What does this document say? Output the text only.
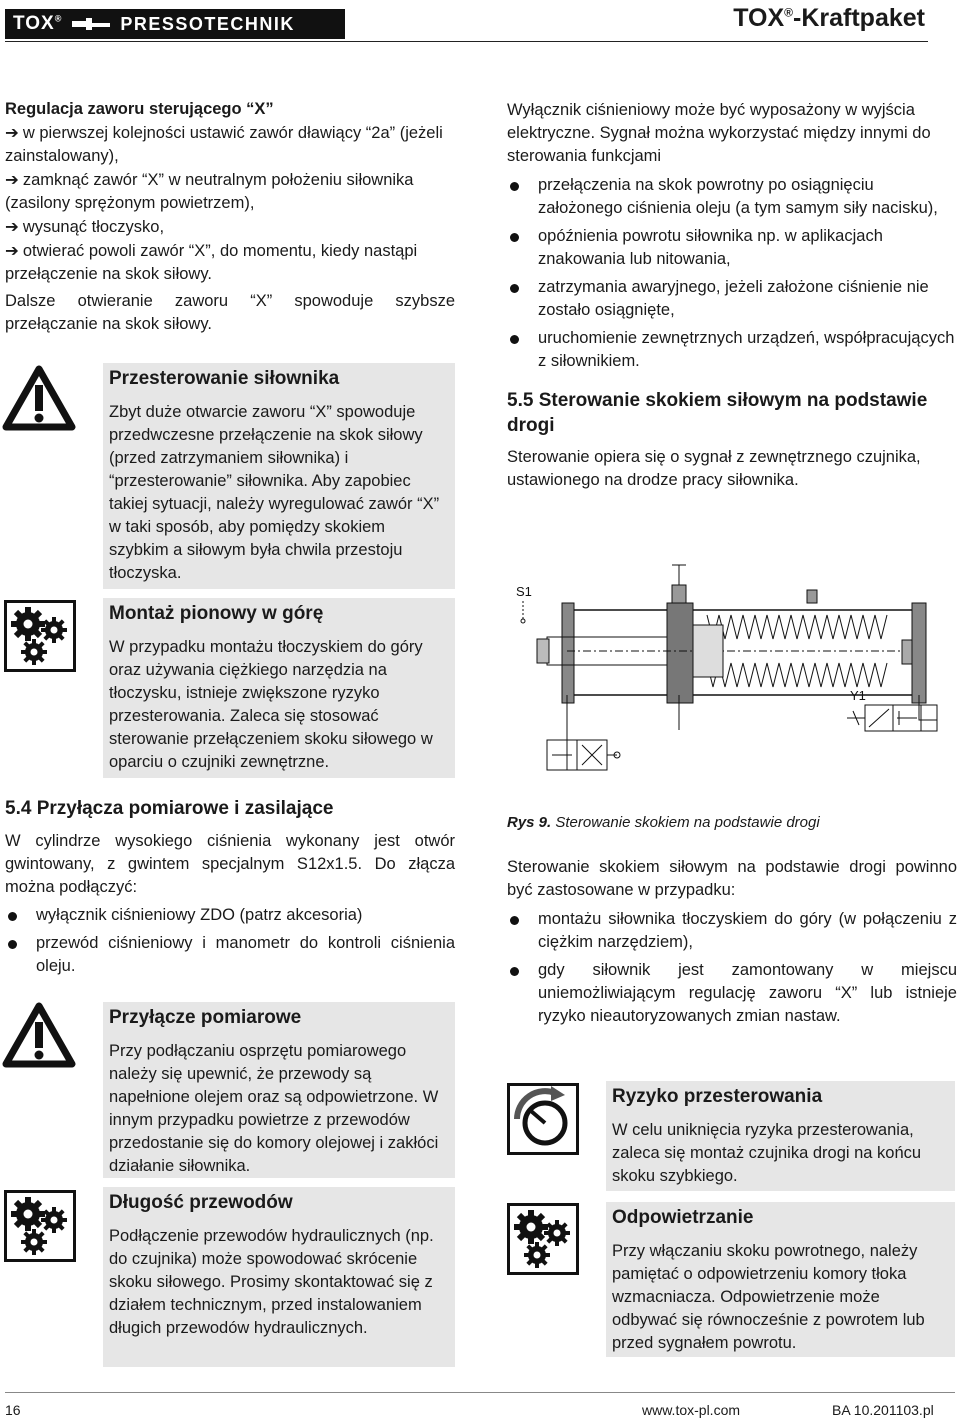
TOX®	PRESSOTECHNIK	TOX®-Kraftpaket

Regulacja zaworu sterującego “X”

➔ w pierwszej kolejności ustawić zawór dławiący “2a” (jeżeli zainstalowany),

➔ zamknąć zawór “X” w neutralnym położeniu siłownika (zasilony sprężonym powietrzem),

➔ wysunąć tłoczysko,

➔ otwierać powoli zawór “X”, do momentu, kiedy nastąpi przełączenie na skok siłowy.

Dalsze otwieranie zaworu “X” spowoduje szybsze przełączanie na skok siłowy.

Przesterowanie siłownika
Zbyt duże otwarcie zaworu “X” spowoduje przedwczesne przełączenie na skok siłowy (przed zatrzymaniem siłownika) i “przesterowanie” siłownika. Aby zapobiec takiej sytuacji, należy wyregulować zawór “X” w taki sposób, aby pomiędzy skokiem szybkim a siłowym była chwila przestoju tłoczyska.
Montaż pionowy w górę
W przypadku montażu tłoczyskiem do góry oraz używania ciężkiego narzędzia na tłoczysku, istnieje zwiększone ryzyko przesterowania. Zaleca się stosować sterowanie przełączeniem skoku siłowego w oparciu o czujniki zewnętrzne.
5.4 Przyłącza pomiarowe i zasilające

W cylindrze wysokiego ciśnienia wykonany jest otwór gwintowany, z gwintem specjalnym S12x1.5. Do złącza można podłączyć:

wyłącznik ciśnieniowy ZDO (patrz akcesoria)
przewód ciśnieniowy i manometr do kontroli ciśnienia oleju.
Przyłącze pomiarowe
Przy podłączaniu osprzętu pomiarowego należy się upewnić, że przewody są napełnione olejem oraz są odpowietrzone. W innym przypadku powietrze z przewodów przedostanie się do komory olejowej i zakłóci działanie siłownika.
Długość przewodów
Podłączenie przewodów hydraulicznych (np. do czujnika) może spowodować skrócenie skoku siłowego. Prosimy skontaktować się z działem technicznym, przed instalowaniem długich przewodów hydraulicznych.

Wyłącznik ciśnieniowy może być wyposażony w wyjścia elektryczne. Sygnał można wykorzystać między innymi do sterowania funkcjami

przełączenia na skok powrotny po osiągnięciu założonego ciśnienia oleju (a tym samym siły nacisku),
opóźnienia powrotu siłownika np. w aplikacjach znakowania lub nitowania,
zatrzymania awaryjnego, jeżeli założone ciśnienie nie zostało osiągnięte,
uruchomienie zewnętrznych urządzeń, współpracujących z siłownikiem.
5.5 Sterowanie skokiem siłowym na podstawie drogi

Sterowanie opiera się o sygnał z zewnętrznego czujnika, ustawionego na drodze pracy siłownika.

S1
Y1
Rys 9. Sterowanie skokiem na podstawie drogi

Sterowanie skokiem siłowym na podstawie drogi powinno być zastosowane w przypadku:

montażu siłownika tłoczyskiem do góry (w połączeniu z ciężkim narzędziem),
gdy siłownik jest zamontowany w miejscu uniemożliwiającym regulację zaworu “X” lub istnieje ryzyko nieautoryzowanych zmian nastaw.
Ryzyko przesterowania
W celu uniknięcia ryzyka przesterowania, zaleca się montaż czujnika drogi na końcu skoku szybkiego.
Odpowietrzanie
Przy włączaniu skoku powrotnego, należy pamiętać o odpowietrzeniu komory tłoka wzmacniacza. Odpowietrzenie może odbywać się równocześnie z powrotem lub przed sygnałem powrotu.
16	www.tox-pl.com	BA 10.201103.pl
